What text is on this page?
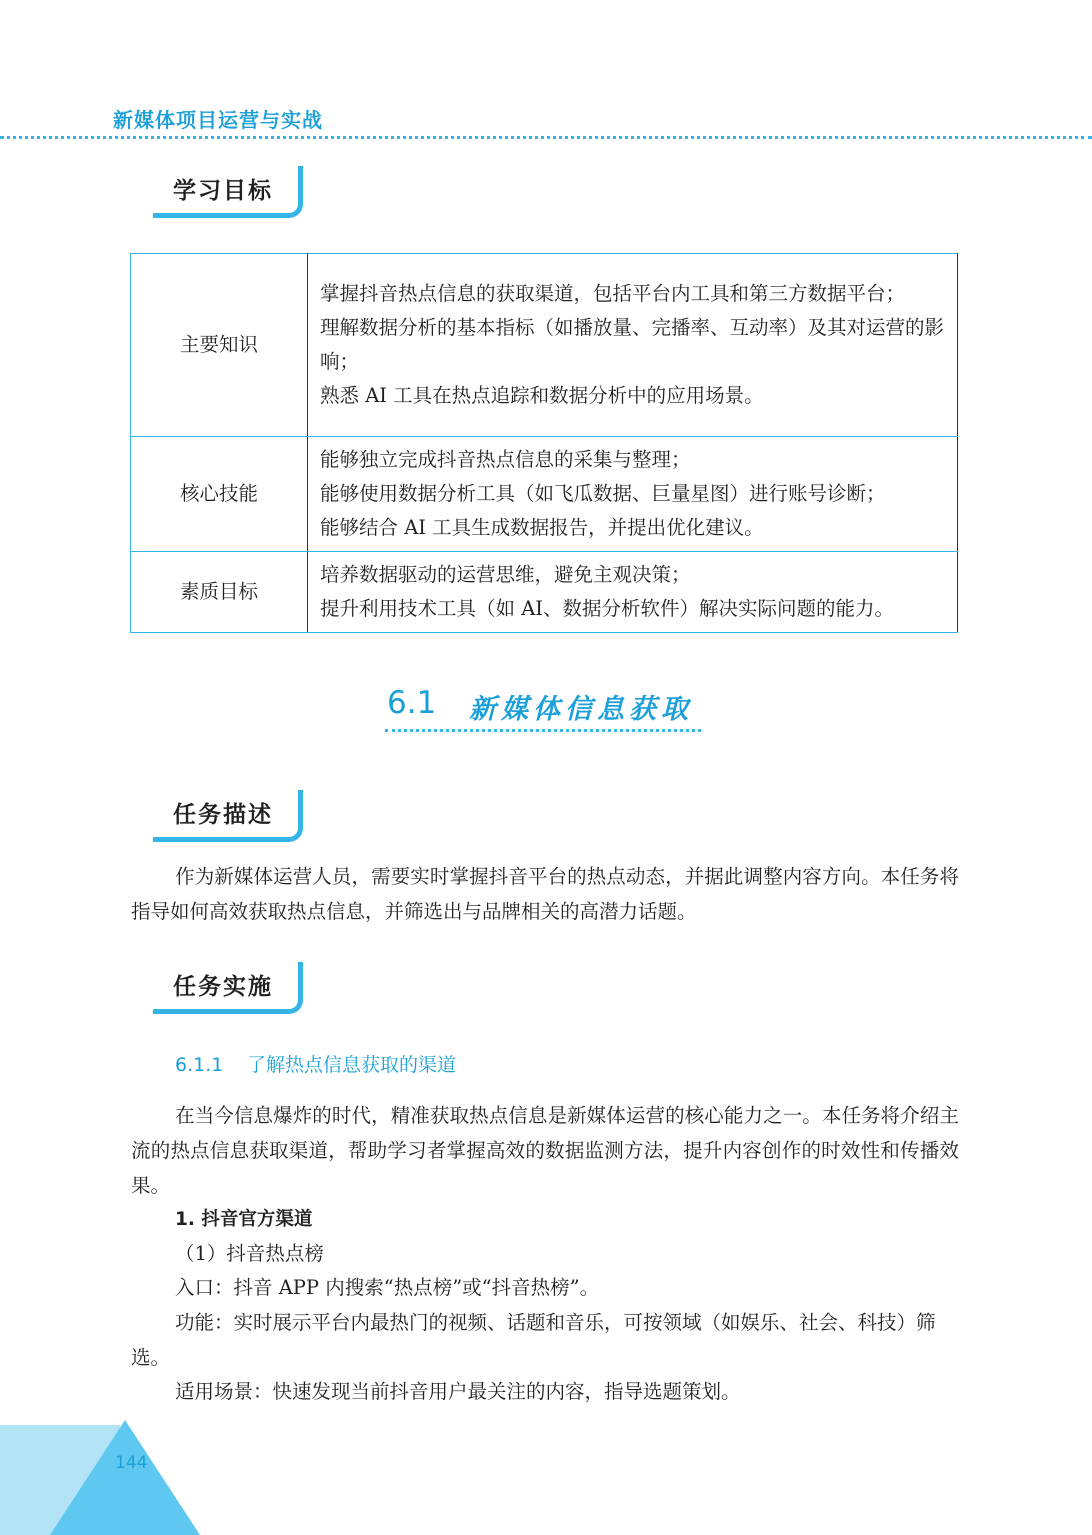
新媒体项目运营与实战
学习目标
主要知识	掌握抖音热点信息的获取渠道，包括平台内工具和第三方数据平台；
理解数据分析的基本指标（如播放量、完播率、互动率）及其对运营的影响；
熟悉 AI 工具在热点追踪和数据分析中的应用场景。

核心技能	能够独立完成抖音热点信息的采集与整理；
能够使用数据分析工具（如飞瓜数据、巨量星图）进行账号诊断；
能够结合 AI 工具生成数据报告，并提出优化建议。

素质目标	培养数据驱动的运营思维，避免主观决策；
提升利用技术工具（如 AI、数据分析软件）解决实际问题的能力。
6.1 新媒体信息获取
任务描述
作为新媒体运营人员，需要实时掌握抖音平台的热点动态，并据此调整内容方向。本任务将指导如何高效获取热点信息，并筛选出与品牌相关的高潜力话题。
任务实施
6.1.1 了解热点信息获取的渠道
在当今信息爆炸的时代，精准获取热点信息是新媒体运营的核心能力之一。本任务将介绍主流的热点信息获取渠道，帮助学习者掌握高效的数据监测方法，提升内容创作的时效性和传播效果。
1. 抖音官方渠道
（1）抖音热点榜
入口：抖音 APP 内搜索“热点榜”或“抖音热榜”。
功能：实时展示平台内最热门的视频、话题和音乐，可按领域（如娱乐、社会、科技）筛选。
适用场景：快速发现当前抖音用户最关注的内容，指导选题策划。
144
